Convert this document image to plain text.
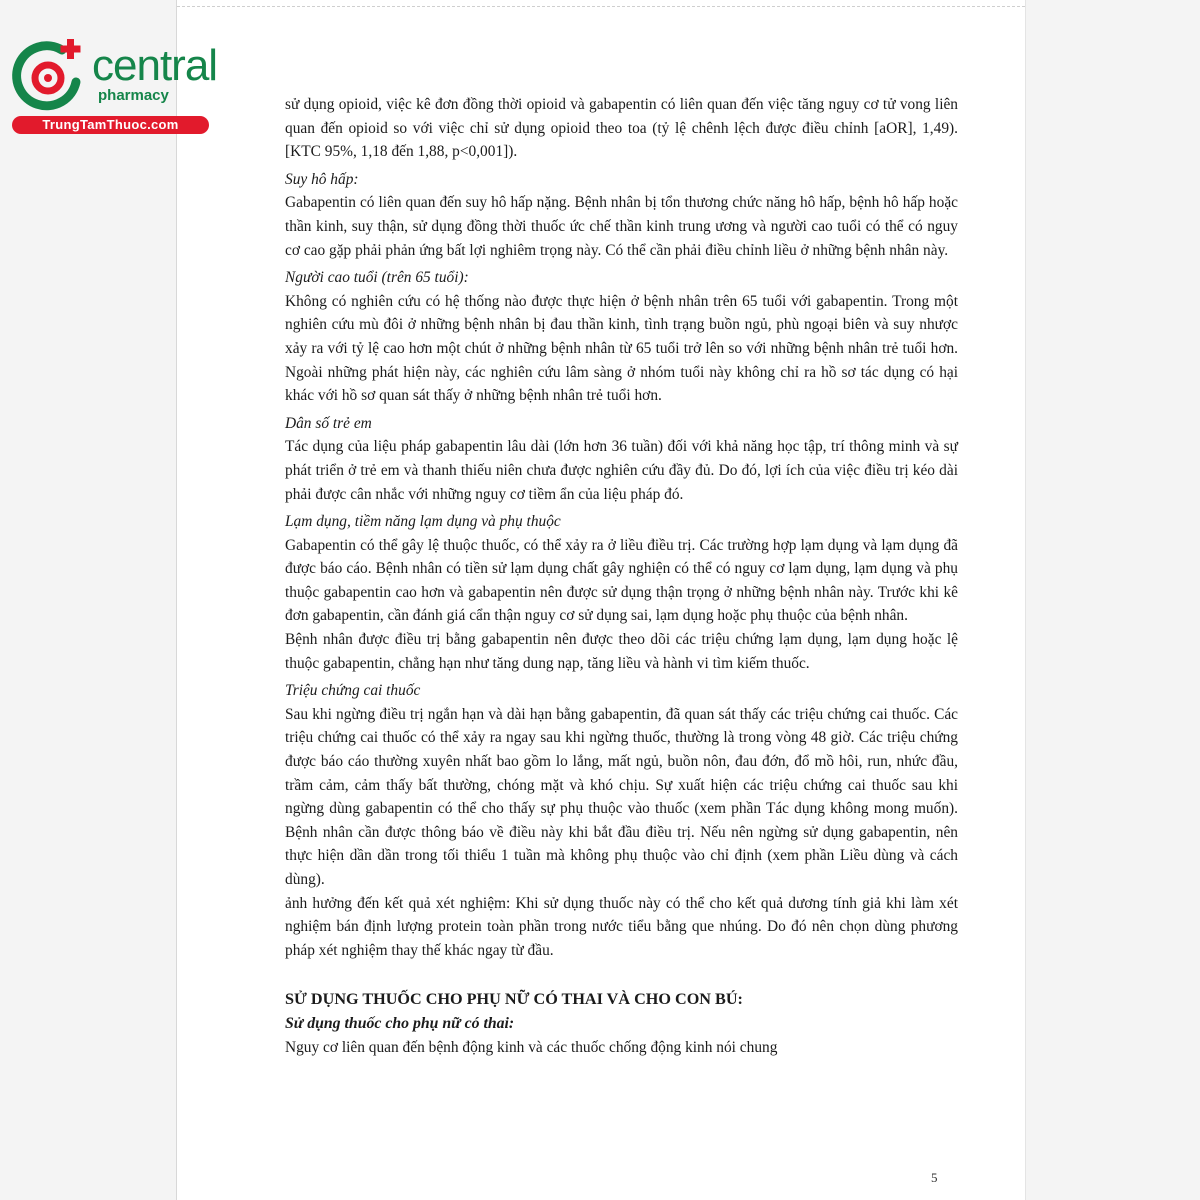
central
pharmacy
TrungTamThuoc.com

sử dụng opioid, việc kê đơn đồng thời opioid và gabapentin có liên quan đến việc tăng nguy cơ tử vong liên quan đến opioid so với việc chỉ sử dụng opioid theo toa (tỷ lệ chênh lệch được điều chỉnh [aOR], 1,49). [KTC 95%, 1,18 đến 1,88, p<0,001]).

Suy hô hấp:

Gabapentin có liên quan đến suy hô hấp nặng. Bệnh nhân bị tổn thương chức năng hô hấp, bệnh hô hấp hoặc thần kinh, suy thận, sử dụng đồng thời thuốc ức chế thần kinh trung ương và người cao tuổi có thể có nguy cơ cao gặp phải phản ứng bất lợi nghiêm trọng này. Có thể cần phải điều chỉnh liều ở những bệnh nhân này.

Người cao tuổi (trên 65 tuổi):

Không có nghiên cứu có hệ thống nào được thực hiện ở bệnh nhân trên 65 tuổi với gabapentin. Trong một nghiên cứu mù đôi ở những bệnh nhân bị đau thần kinh, tình trạng buồn ngủ, phù ngoại biên và suy nhược xảy ra với tỷ lệ cao hơn một chút ở những bệnh nhân từ 65 tuổi trở lên so với những bệnh nhân trẻ tuổi hơn. Ngoài những phát hiện này, các nghiên cứu lâm sàng ở nhóm tuổi này không chỉ ra hồ sơ tác dụng có hại khác với hồ sơ quan sát thấy ở những bệnh nhân trẻ tuổi hơn.

Dân số trẻ em

Tác dụng của liệu pháp gabapentin lâu dài (lớn hơn 36 tuần) đối với khả năng học tập, trí thông minh và sự phát triển ở trẻ em và thanh thiếu niên chưa được nghiên cứu đầy đủ. Do đó, lợi ích của việc điều trị kéo dài phải được cân nhắc với những nguy cơ tiềm ẩn của liệu pháp đó.

Lạm dụng, tiềm năng lạm dụng và phụ thuộc

Gabapentin có thể gây lệ thuộc thuốc, có thể xảy ra ở liều điều trị. Các trường hợp lạm dụng và lạm dụng đã được báo cáo. Bệnh nhân có tiền sử lạm dụng chất gây nghiện có thể có nguy cơ lạm dụng, lạm dụng và phụ thuộc gabapentin cao hơn và gabapentin nên được sử dụng thận trọng ở những bệnh nhân này. Trước khi kê đơn gabapentin, cần đánh giá cẩn thận nguy cơ sử dụng sai, lạm dụng hoặc phụ thuộc của bệnh nhân.

Bệnh nhân được điều trị bằng gabapentin nên được theo dõi các triệu chứng lạm dụng, lạm dụng hoặc lệ thuộc gabapentin, chẳng hạn như tăng dung nạp, tăng liều và hành vi tìm kiếm thuốc.

Triệu chứng cai thuốc

Sau khi ngừng điều trị ngắn hạn và dài hạn bằng gabapentin, đã quan sát thấy các triệu chứng cai thuốc. Các triệu chứng cai thuốc có thể xảy ra ngay sau khi ngừng thuốc, thường là trong vòng 48 giờ. Các triệu chứng được báo cáo thường xuyên nhất bao gồm lo lắng, mất ngủ, buồn nôn, đau đớn, đổ mồ hôi, run, nhức đầu, trầm cảm, cảm thấy bất thường, chóng mặt và khó chịu. Sự xuất hiện các triệu chứng cai thuốc sau khi ngừng dùng gabapentin có thể cho thấy sự phụ thuộc vào thuốc (xem phần Tác dụng không mong muốn). Bệnh nhân cần được thông báo về điều này khi bắt đầu điều trị. Nếu nên ngừng sử dụng gabapentin, nên thực hiện dần dần trong tối thiểu 1 tuần mà không phụ thuộc vào chỉ định (xem phần Liều dùng và cách dùng).

ảnh hưởng đến kết quả xét nghiệm: Khi sử dụng thuốc này có thể cho kết quả dương tính giả khi làm xét nghiệm bán định lượng protein toàn phần trong nước tiểu bằng que nhúng. Do đó nên chọn dùng phương pháp xét nghiệm thay thế khác ngay từ đầu.

SỬ DỤNG THUỐC CHO PHỤ NỮ CÓ THAI VÀ CHO CON BÚ:

Sử dụng thuốc cho phụ nữ có thai:

Nguy cơ liên quan đến bệnh động kinh và các thuốc chống động kinh nói chung

5
